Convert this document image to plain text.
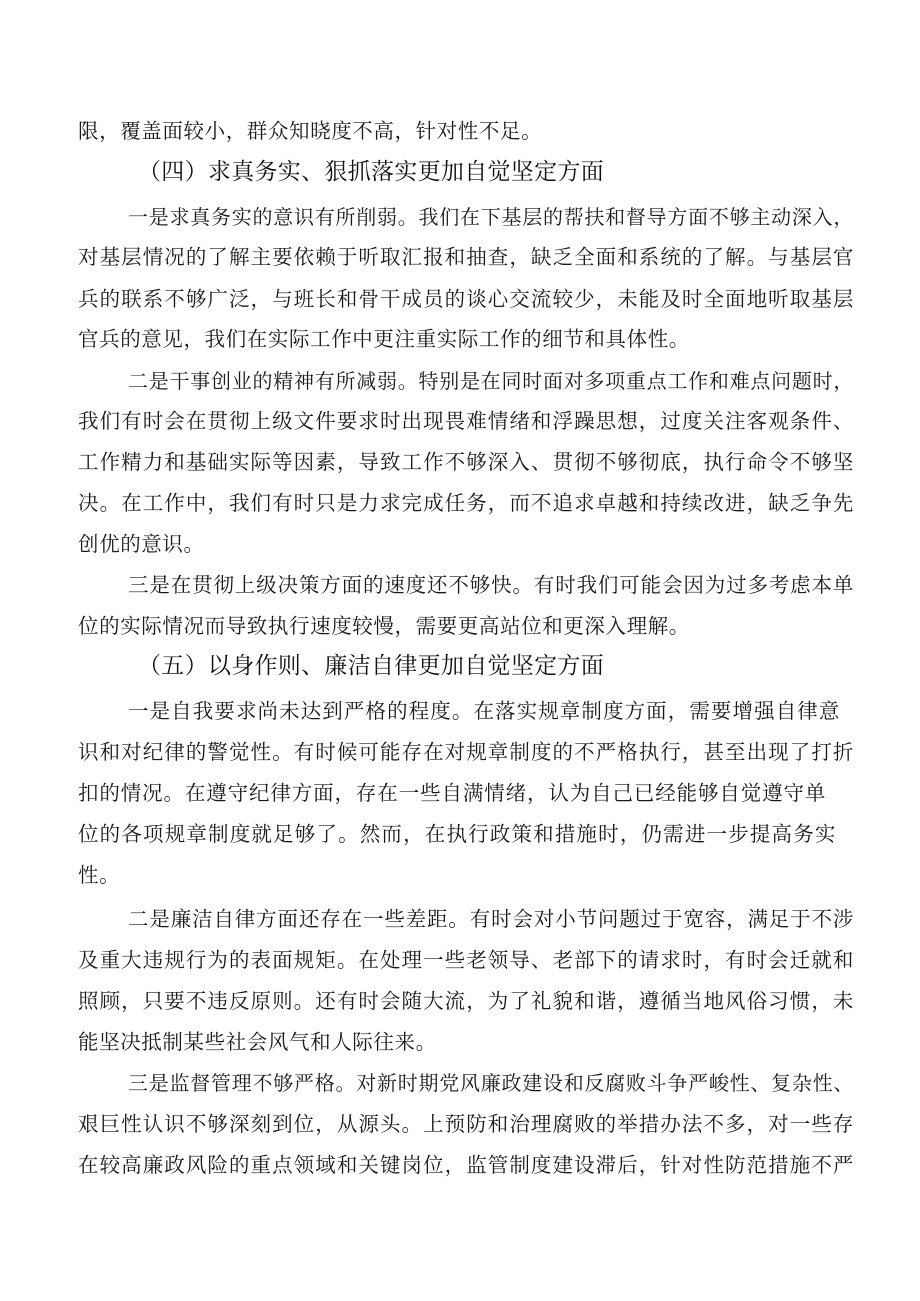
限，覆盖面较小，群众知晓度不高，针对性不足。
（四）求真务实、狠抓落实更加自觉坚定方面
一是求真务实的意识有所削弱。我们在下基层的帮扶和督导方面不够主动深入，
对基层情况的了解主要依赖于听取汇报和抽查，缺乏全面和系统的了解。与基层官
兵的联系不够广泛，与班长和骨干成员的谈心交流较少，未能及时全面地听取基层
官兵的意见，我们在实际工作中更注重实际工作的细节和具体性。
二是干事创业的精神有所减弱。特别是在同时面对多项重点工作和难点问题时，
我们有时会在贯彻上级文件要求时出现畏难情绪和浮躁思想，过度关注客观条件、
工作精力和基础实际等因素，导致工作不够深入、贯彻不够彻底，执行命令不够坚
决。在工作中，我们有时只是力求完成任务，而不追求卓越和持续改进，缺乏争先
创优的意识。
三是在贯彻上级决策方面的速度还不够快。有时我们可能会因为过多考虑本单
位的实际情况而导致执行速度较慢，需要更高站位和更深入理解。
（五）以身作则、廉洁自律更加自觉坚定方面
一是自我要求尚未达到严格的程度。在落实规章制度方面，需要增强自律意
识和对纪律的警觉性。有时候可能存在对规章制度的不严格执行，甚至出现了打折
扣的情况。在遵守纪律方面，存在一些自满情绪，认为自己已经能够自觉遵守单
位的各项规章制度就足够了。然而，在执行政策和措施时，仍需进一步提高务实
性。
二是廉洁自律方面还存在一些差距。有时会对小节问题过于宽容，满足于不涉
及重大违规行为的表面规矩。在处理一些老领导、老部下的请求时，有时会迁就和
照顾，只要不违反原则。还有时会随大流，为了礼貌和谐，遵循当地风俗习惯，未
能坚决抵制某些社会风气和人际往来。
三是监督管理不够严格。对新时期党风廉政建设和反腐败斗争严峻性、复杂性、
艰巨性认识不够深刻到位，从源头。上预防和治理腐败的举措办法不多，对一些存
在较高廉政风险的重点领域和关键岗位，监管制度建设滞后，针对性防范措施不严
